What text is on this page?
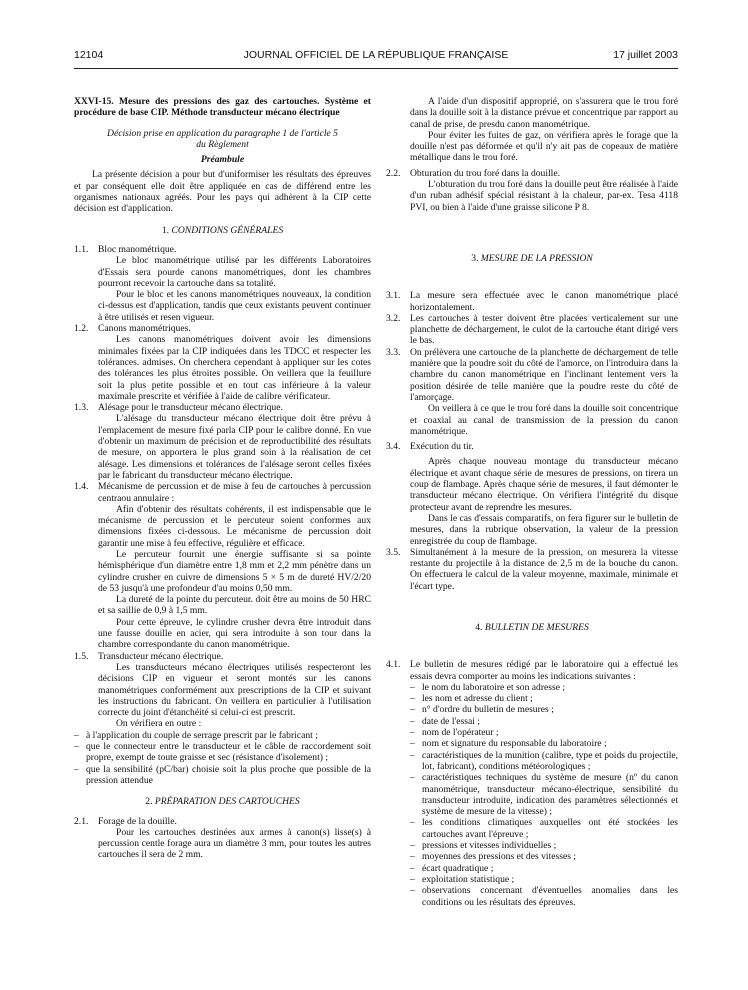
12104	JOURNAL OFFICIEL DE LA RÉPUBLIQUE FRANÇAISE	17 juillet 2003

XXVI-15. Mesure des pressions des gaz des cartouches. Système et procédure de base CIP. Méthode transducteur mécano électrique

Décision prise en application du paragraphe 1 de l'article 5 du Règlement

Préambule

La présente décision a pour but d'uniformiser les résultats des épreuves et par conséquent elle doit être appliquée en cas de différend entre les organismes nationaux agréés. Pour les pays qui adhèrent à la CIP cette décision est d'application.

1. CONDITIONS GÉNÉRALES

1.1.	Bloc manométrique.

Le bloc manométrique utilisé par les différents Laboratoires d'Essais sera pourde canons manométriques, dont les chambres pourront recevoir la cartouche dans sa totalité.

Pour le bloc et les canons manométriques nouveaux, la condition ci-dessus est d'application, tandis que ceux existants peuvent continuer à être utilisés et resen vigueur.

1.2.	Canons manométriques.

Les canons manométriques doivent avoir les dimensions minimales fixées par la CIP indiquées dans les TDCC et respecter les tolérances. admises. On cherchera cependant à appliquer sur les cotes des tolérances les plus étroites possible. On veillera que la feuillure soit la plus petite possible et en tout cas inférieure à la valeur maximale prescrite et vérifiée à l'aide de calibre vérificateur.

1.3.	Alésage pour le transducteur mécano électrique.

L'alésage du transducteur mécano électrique doit être prévu à l'emplacement de mesure fixé parla CIP pour le calibre donné. En vue d'obtenir un maximum de précision et de reproductibilité des résultats de mesure, on apportera le plus grand soin à la réalisation de cet alésage. Les dimensions et tolérances de l'alésage seront celles fixées par le fabricant du transducteur mécano électrique.

1.4.	Mécanisme de percussion et de mise à feu de cartouches à percussion centraou annulaire :

Afin d'obtenir des résultats cohérents, il est indispensable que le mécanisme de percussion et le percuteur soient conformes aux dimensions fixées ci-dessous. Le mécanisme de percussion doit garantir une mise à feu effective, régulière et efficace.

Le percuteur fournit une énergie suffisante si sa pointe hémisphérique d'un diamètre entre 1,8 mm et 2,2 mm pénètre dans un cylindre crusher en cuivre de dimensions 5 × 5 m de dureté HV/2/20 de 53 jusqu'à une profondeur d'au moins 0,50 mm.

La dureté de la pointe du percuteur. doit être au moins de 50 HRC et sa saillie de 0,9 à 1,5 mm.

Pour cette épreuve, le cylindre crusher devra être introduit dans une fausse douille en acier, qui sera introduite à son tour dans la chambre correspondante du canon manométrique.

1.5.	Transducteur mécano électrique.

Les transducteurs mécano électriques utilisés respecteront les décisions CIP en vigueur et seront montés sur les canons manométriques conformément aux prescriptions de la CIP et suivant les instructions du fabricant. On veillera en particulier à l'utilisation correcte du joint d'étanchéité si celui-ci est prescrit.

On vérifiera en outre :

– à l'application du couple de serrage prescrit par le fabricant ;
– que le connecteur entre le transducteur et le câble de raccordement soit propre, exempt de toute graisse et sec (résistance d'isolement) ;
– que la sensibilité (pC/bar) choisie soit la plus proche que possible de la pression attendue

2. PRÉPARATION DES CARTOUCHES

2.1.	Forage de la douille.

Pour les cartouches destinées aux armes à canon(s) lisse(s) à percussion centle forage aura un diamètre 3 mm, pour toutes les autres cartouches il sera de 2 mm.

A l'aide d'un dispositif approprié, on s'assurera que le trou foré dans la douille soit à la distance prévue et concentrique par rapport au canal de prise, de presdu canon manométrique.

Pour éviter les fuites de gaz, on vérifiera après le forage que la douille n'est pas déformée et qu'il n'y ait pas de copeaux de matière métallique dans le trou foré.

2.2.	Obturation du trou foré dans la douille.

L'obturation du trou foré dans la douille peut être réalisée à l'aide d'un ruban adhésif spécial résistant à la chaleur, par-ex. Tesa 4118 PVI, ou bien à l'aide d'une graisse silicone P 8.

3. MESURE DE LA PRESSION

3.1.	La mesure sera effectuée avec le canon manométrique placé horizontalement.
3.2.	Les cartouches à tester doivent être placées verticalement sur une planchette de déchargement, le culot de la cartouche étant dirigé vers le bas.
3.3.	On prélèvera une cartouche de la planchette de déchargement de telle manière que la poudre soit du côté de l'amorce, on l'introduira dans la chambre du canon manométrique en l'inclinant lentement vers la position désirée de telle manière que la poudre reste du côté de l'amorçage.

On veillera à ce que le trou foré dans la douille soit concentrique et coaxial au canal de transmission de la pression du canon manométrique.

3.4.	Exécution du tir.

Après chaque nouveau montage du transducteur mécano électrique et avant chaque série de mesures de pressions, on tirera un coup de flambage. Après chaque série de mesures, il faut démonter le transducteur mécano électrique. On vérifiera l'intégrité du disque protecteur avant de reprendre les mesures.

Dans le cas d'essais comparatifs, on fera figurer sur le bulletin de mesures, dans la rubrique observation, la valeur de la pression enregistrée du coup de flambage.

3.5.	Simultanément à la mesure de la pression, on mesurera la vitesse restante du projectile à la distance de 2,5 m de la bouche du canon. On effectuera le calcul de la valeur moyenne, maximale, minimale et l'écart type.

4. BULLETIN DE MESURES

4.1.	Le bulletin de mesures rédigé par le laboratoire qui a effectué les essais devra comporter au moins les indications suivantes :
– le nom du laboratoire et son adresse ;
– les nom et adresse du client ;
– n° d'ordre du bulletin de mesures ;
– date de l'essai ;
– nom de l'opérateur ;
– nom et signature du responsable du laboratoire ;
– caractéristiques de la munition (calibre, type et poids du projectile, lot, fabricant), conditions météorologiques ;
– caractéristiques techniques du système de mesure (nº du canon manométrique, transducteur mécano-électrique, sensibilité du transducteur introduite, indication des paramètres sélectionnés et système de mesure de la vitesse) ;
– les conditions climatiques auxquelles ont été stockées les cartouches avant l'épreuve ;
– pressions et vitesses individuelles ;
– moyennes des pressions et des vitesses ;
– écart quadratique ;
– exploitation statistique ;
– observations concernant d'éventuelles anomalies dans les conditions ou les résultats des épreuves.
